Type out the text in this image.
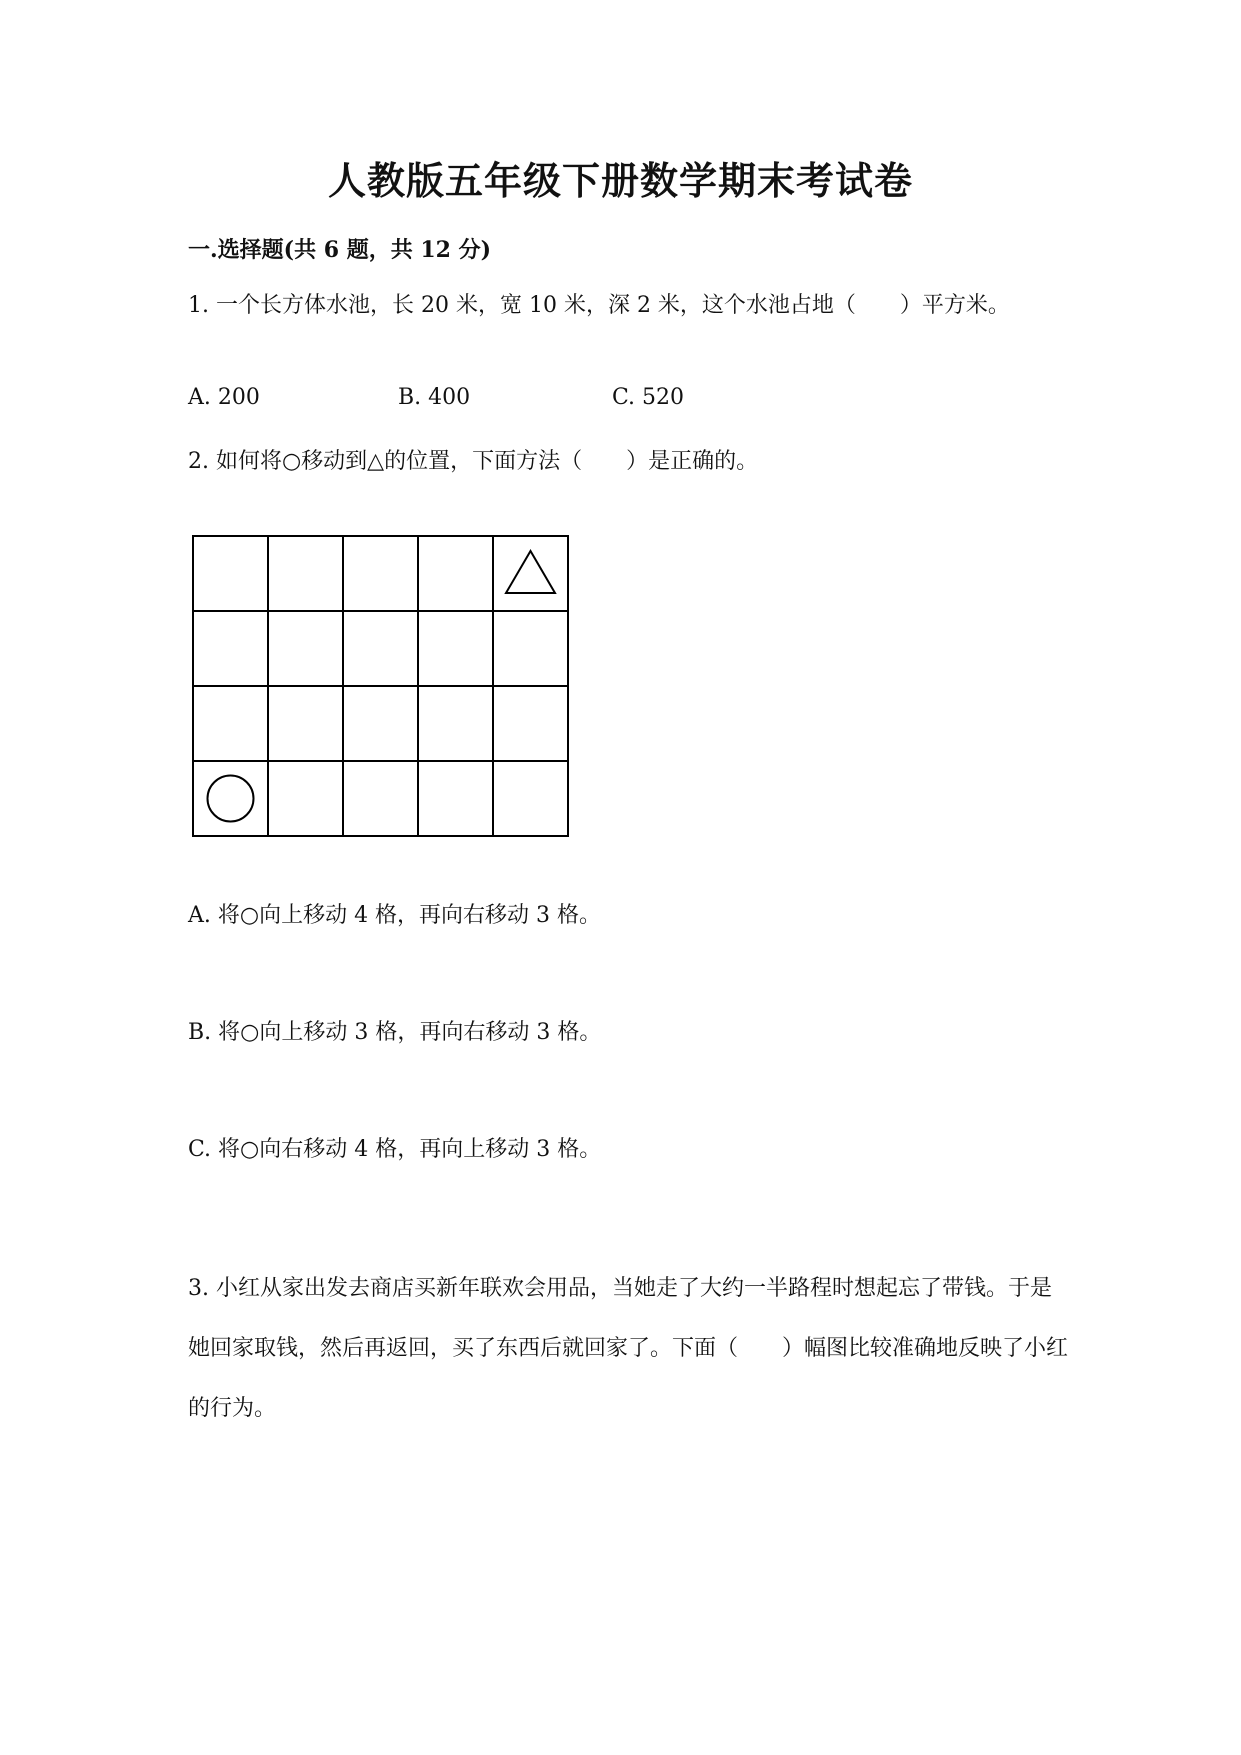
人教版五年级下册数学期末考试卷
一.选择题(共 6 题，共 12 分)
1. 一个长方体水池，长 20 米，宽 10 米，深 2 米，这个水池占地（　　）平方米。
A. 200	B. 400	C. 520
2. 如何将○移动到△的位置，下面方法（　　）是正确的。
A. 将○向上移动 4 格，再向右移动 3 格。
B. 将○向上移动 3 格，再向右移动 3 格。
C. 将○向右移动 4 格，再向上移动 3 格。
3. 小红从家出发去商店买新年联欢会用品，当她走了大约一半路程时想起忘了带钱。于是她回家取钱，然后再返回，买了东西后就回家了。下面（　　）幅图比较准确地反映了小红的行为。
